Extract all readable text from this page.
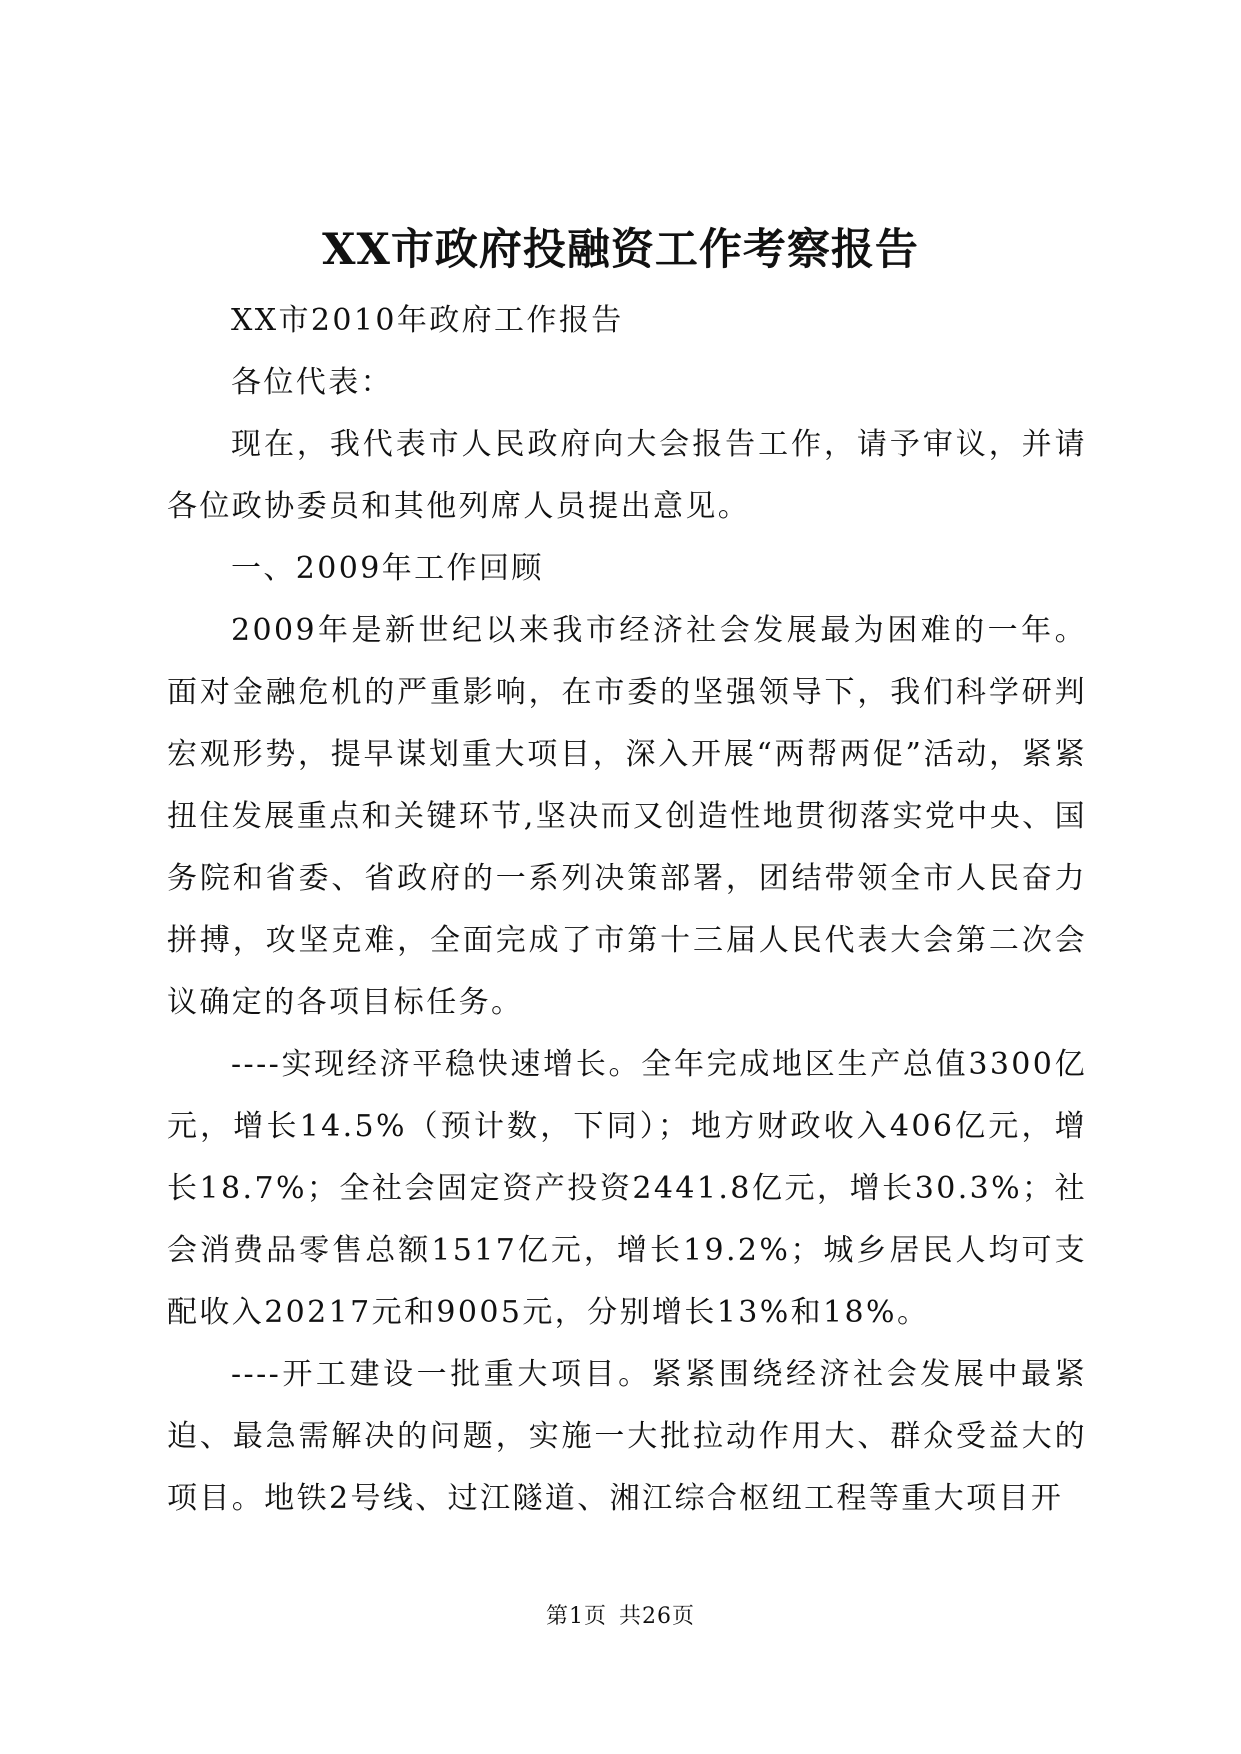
XX市政府投融资工作考察报告

XX市2010年政府工作报告

各位代表：

现在，我代表市人民政府向大会报告工作，请予审议，并请各位政协委员和其他列席人员提出意见。

一、2009年工作回顾

2009年是新世纪以来我市经济社会发展最为困难的一年。面对金融危机的严重影响，在市委的坚强领导下，我们科学研判宏观形势，提早谋划重大项目，深入开展“两帮两促”活动，紧紧扭住发展重点和关键环节,坚决而又创造性地贯彻落实党中央、国务院和省委、省政府的一系列决策部署，团结带领全市人民奋力拼搏，攻坚克难，全面完成了市第十三届人民代表大会第二次会议确定的各项目标任务。

----实现经济平稳快速增长。全年完成地区生产总值3300亿元，增长14.5%（预计数，下同）；地方财政收入406亿元，增长18.7%；全社会固定资产投资2441.8亿元，增长30.3%；社会消费品零售总额1517亿元，增长19.2%；城乡居民人均可支配收入20217元和9005元，分别增长13%和18%。

----开工建设一批重大项目。紧紧围绕经济社会发展中最紧迫、最急需解决的问题，实施一大批拉动作用大、群众受益大的项目。地铁2号线、过江隧道、湘江综合枢纽工程等重大项目开

第1页 共26页
